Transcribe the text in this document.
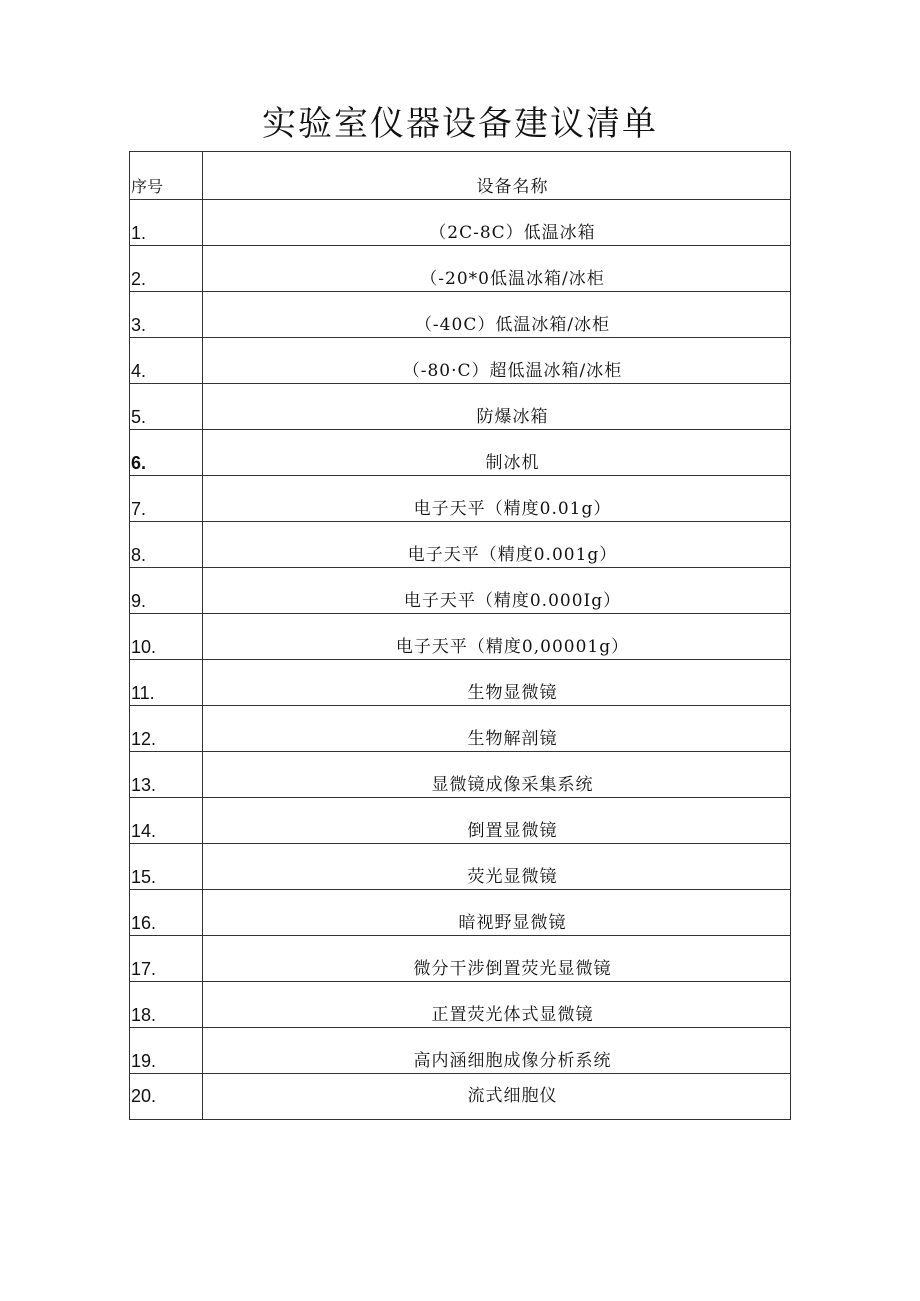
实验室仪器设备建议清单
序号	设备名称
1.	（2C-8C）低温冰箱
2.	（-20*0低温冰箱/冰柜
3.	（-40C）低温冰箱/冰柜
4.	（-80·C）超低温冰箱/冰柜
5.	防爆冰箱
6.	制冰机
7.	电子天平（精度0.01g）
8.	电子天平（精度0.001g）
9.	电子天平（精度0.000Ig）
10.	电子天平（精度0,00001g）
11.	生物显微镜
12.	生物解剖镜
13.	显微镜成像采集系统
14.	倒置显微镜
15.	荧光显微镜
16.	暗视野显微镜
17.	微分干涉倒置荧光显微镜
18.	正置荧光体式显微镜
19.	高内涵细胞成像分析系统
20.	流式细胞仪
